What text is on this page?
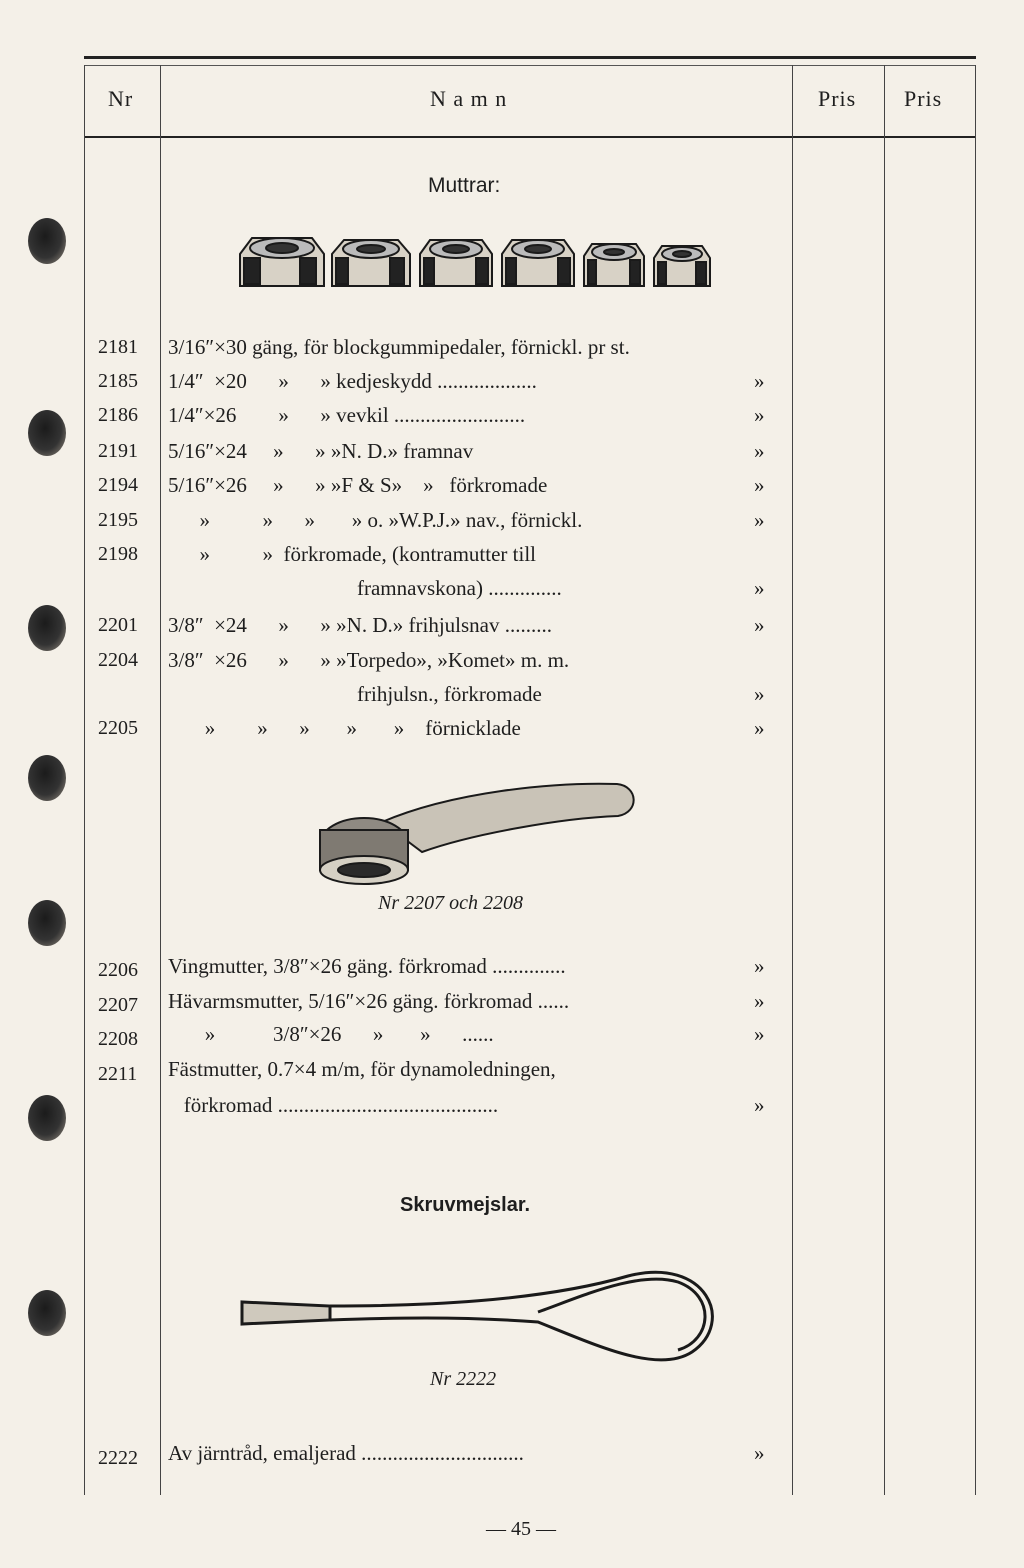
Nr	N a m n	Pris Pris
Muttrar:
2181 3/16″×30 gäng, för blockgummipedaler, förnickl. pr st.
2185 1/4″  ×20      »      » kedjeskydd ...................	»
2186 1/4″×26        »      » vevkil .........................	»
2191 5/16″×24     »      » »N. D.» framnav	»
2194 5/16″×26     »      » »F & S»    »   förkromade	»
2195 »          »      »       » o. »W.P.J.» nav., förnickl.	»
2198 »          »  förkromade, (kontramutter till
framnavskona) ..............	»
2201 3/8″  ×24      »      » »N. D.» frihjulsnav .........	»
2204 3/8″  ×26      »      » »Torpedo», »Komet» m. m.
frihjulsn., förkromade	»
2205 »        »      »       »       »    förnicklade	»
Nr 2207 och 2208
2206 Vingmutter, 3/8″×26 gäng. förkromad ..............	»
2207 Hävarmsmutter, 5/16″×26 gäng. förkromad ......	»
2208 »           3/8″×26      »       »      ......	»
2211 Fästmutter, 0.7×4 m/m, för dynamoledningen,
förkromad ..........................................	»
Skruvmejslar.
Nr 2222
2222 Av järntråd, emaljerad ...............................	»
— 45 —
